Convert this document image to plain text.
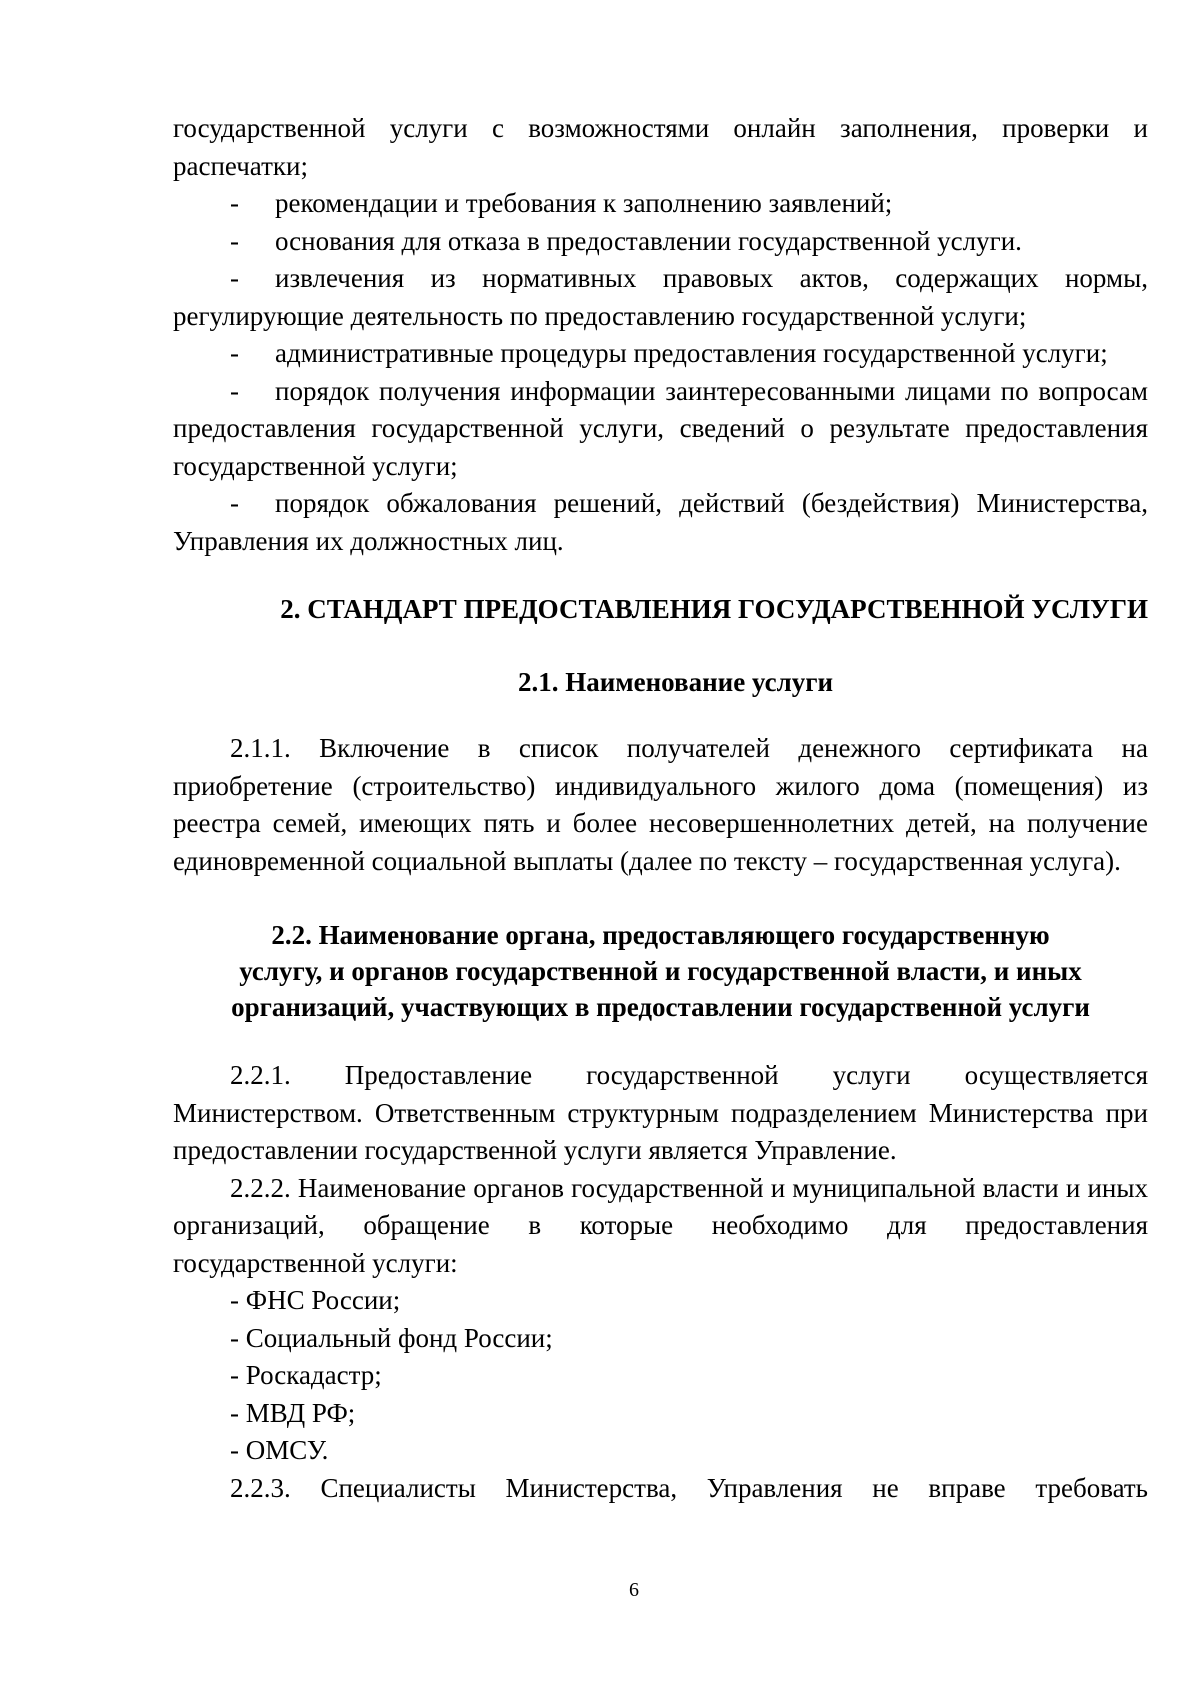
государственной услуги с возможностями онлайн заполнения, проверки и распечатки;

- рекомендации и требования к заполнению заявлений;

- основания для отказа в предоставлении государственной услуги.

- извлечения из нормативных правовых актов, содержащих нормы, регулирующие деятельность по предоставлению государственной услуги;

- административные процедуры предоставления государственной услуги;

- порядок получения информации заинтересованными лицами по вопросам предоставления государственной услуги, сведений о результате предоставления государственной услуги;

- порядок обжалования решений, действий (бездействия) Министерства, Управления их должностных лиц.

2. СТАНДАРТ ПРЕДОСТАВЛЕНИЯ ГОСУДАРСТВЕННОЙ УСЛУГИ
2.1. Наименование услуги

2.1.1. Включение в список получателей денежного сертификата на приобретение (строительство) индивидуального жилого дома (помещения) из реестра семей, имеющих пять и более несовершеннолетних детей, на получение единовременной социальной выплаты (далее по тексту – государственная услуга).

2.2. Наименование органа, предоставляющего государственную
услугу, и органов государственной и государственной власти, и иных
организаций, участвующих в предоставлении государственной услуги

2.2.1. Предоставление государственной услуги осуществляется Министерством. Ответственным структурным подразделением Министерства при предоставлении государственной услуги является Управление.

2.2.2. Наименование органов государственной и муниципальной власти и иных организаций, обращение в которые необходимо для предоставления государственной услуги:

- ФНС России;

- Социальный фонд России;

- Роскадастр;

- МВД РФ;

- ОМСУ.

2.2.3. Специалисты Министерства, Управления не вправе требовать

6
